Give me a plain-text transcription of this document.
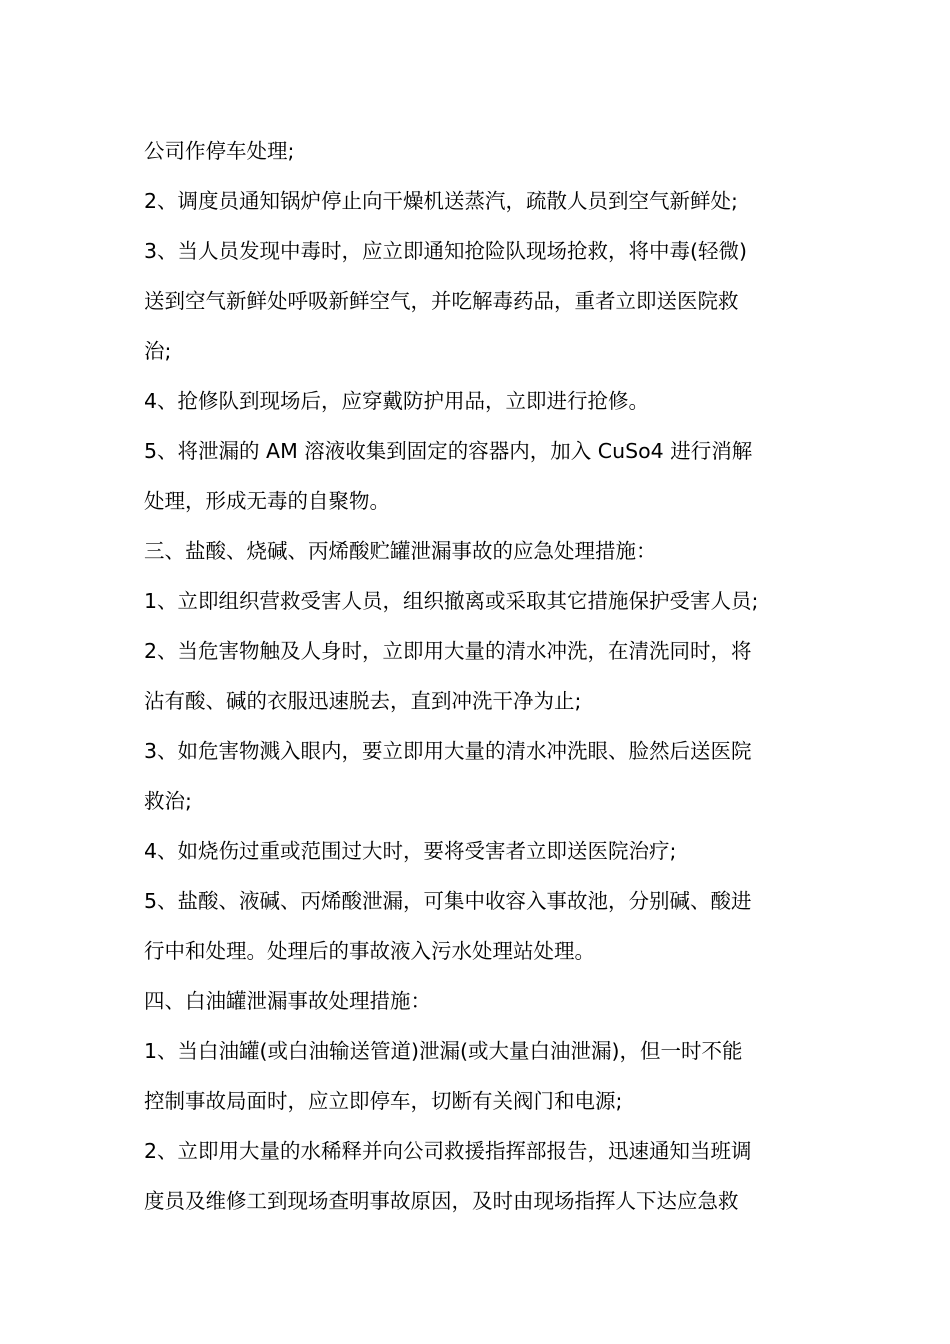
公司作停车处理;
2、调度员通知锅炉停止向干燥机送蒸汽，疏散人员到空气新鲜处;
3、当人员发现中毒时，应立即通知抢险队现场抢救，将中毒(轻微)
送到空气新鲜处呼吸新鲜空气，并吃解毒药品，重者立即送医院救
治;
4、抢修队到现场后，应穿戴防护用品，立即进行抢修。
5、将泄漏的 AM 溶液收集到固定的容器内，加入 CuSo4 进行消解
处理，形成无毒的自聚物。
三、盐酸、烧碱、丙烯酸贮罐泄漏事故的应急处理措施：
1、立即组织营救受害人员，组织撤离或采取其它措施保护受害人员;
2、当危害物触及人身时，立即用大量的清水冲洗，在清洗同时，将
沾有酸、碱的衣服迅速脱去，直到冲洗干净为止;
3、如危害物溅入眼内，要立即用大量的清水冲洗眼、脸然后送医院
救治;
4、如烧伤过重或范围过大时，要将受害者立即送医院治疗;
5、盐酸、液碱、丙烯酸泄漏，可集中收容入事故池，分别碱、酸进
行中和处理。处理后的事故液入污水处理站处理。
四、白油罐泄漏事故处理措施：
1、当白油罐(或白油输送管道)泄漏(或大量白油泄漏)，但一时不能
控制事故局面时，应立即停车，切断有关阀门和电源;
2、立即用大量的水稀释并向公司救援指挥部报告，迅速通知当班调
度员及维修工到现场查明事故原因，及时由现场指挥人下达应急救
